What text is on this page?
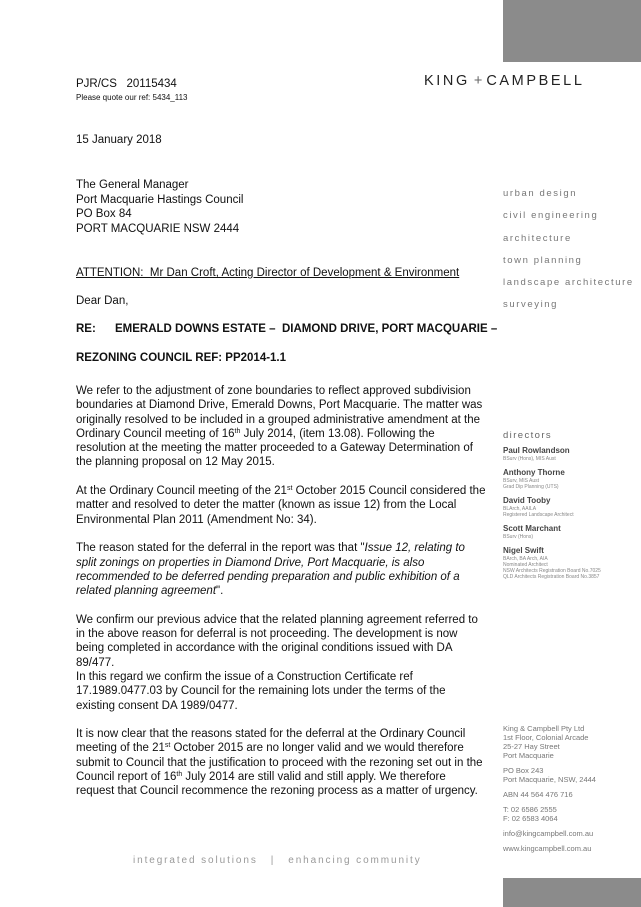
KING + CAMPBELL
PJR/CS   20115434
Please quote our ref: 5434_113
15 January 2018
The General Manager
Port Macquarie Hastings Council
PO Box 84
PORT MACQUARIE NSW 2444
ATTENTION:  Mr Dan Croft, Acting Director of Development & Environment
Dear Dan,
RE:      EMERALD DOWNS ESTATE –  DIAMOND DRIVE, PORT MACQUARIE –
REZONING COUNCIL REF: PP2014-1.1

We refer to the adjustment of zone boundaries to reflect approved subdivision boundaries at Diamond Drive, Emerald Downs, Port Macquarie. The matter was originally resolved to be included in a grouped administrative amendment at the Ordinary Council meeting of 16th July 2014, (item 13.08). Following the resolution at the meeting the matter proceeded to a Gateway Determination of the planning proposal on 12 May 2015.

At the Ordinary Council meeting of the 21st October 2015 Council considered the matter and resolved to deter the matter (known as issue 12) from the Local Environmental Plan 2011 (Amendment No: 34).

The reason stated for the deferral in the report was that "Issue 12, relating to split zonings on properties in Diamond Drive, Port Macquarie, is also recommended to be deferred pending preparation and public exhibition of a related planning agreement".

We confirm our previous advice that the related planning agreement referred to in the above reason for deferral is not proceeding. The development is now being completed in accordance with the original conditions issued with DA 89/477.

In this regard we confirm the issue of a Construction Certificate ref 17.1989.0477.03 by Council for the remaining lots under the terms of the existing consent DA 1989/0477.

It is now clear that the reasons stated for the deferral at the Ordinary Council meeting of the 21st October 2015 are no longer valid and we would therefore submit to Council that the justification to proceed with the rezoning set out in the Council report of 16th July 2014 are still valid and still apply. We therefore request that Council recommence the rezoning process as a matter of urgency.

urban design
civil engineering
architecture
town planning
landscape architecture
surveying
directors
Paul Rowlandson
BSurv (Hons), MIS Aust
Anthony Thorne
BSurv, MIS Aust
Grad Dip Planning (UTS)
David Tooby
BLArch, AAILA
Registered Landscape Architect
Scott Marchant
BSurv (Hons)
Nigel Swift
BArch, BA Arch, AIA
Nominated Architect
NSW Architects Registration Board No.7025
QLD Architects Registration Board No.3857
King & Campbell Pty Ltd
1st Floor, Colonial Arcade
25-27 Hay Street
Port Macquarie
PO Box 243
Port Macquarie, NSW, 2444
ABN 44 564 476 716
T: 02 6586 2555
F: 02 6583 4064
info@kingcampbell.com.au
www.kingcampbell.com.au
integrated solutions | enhancing community
